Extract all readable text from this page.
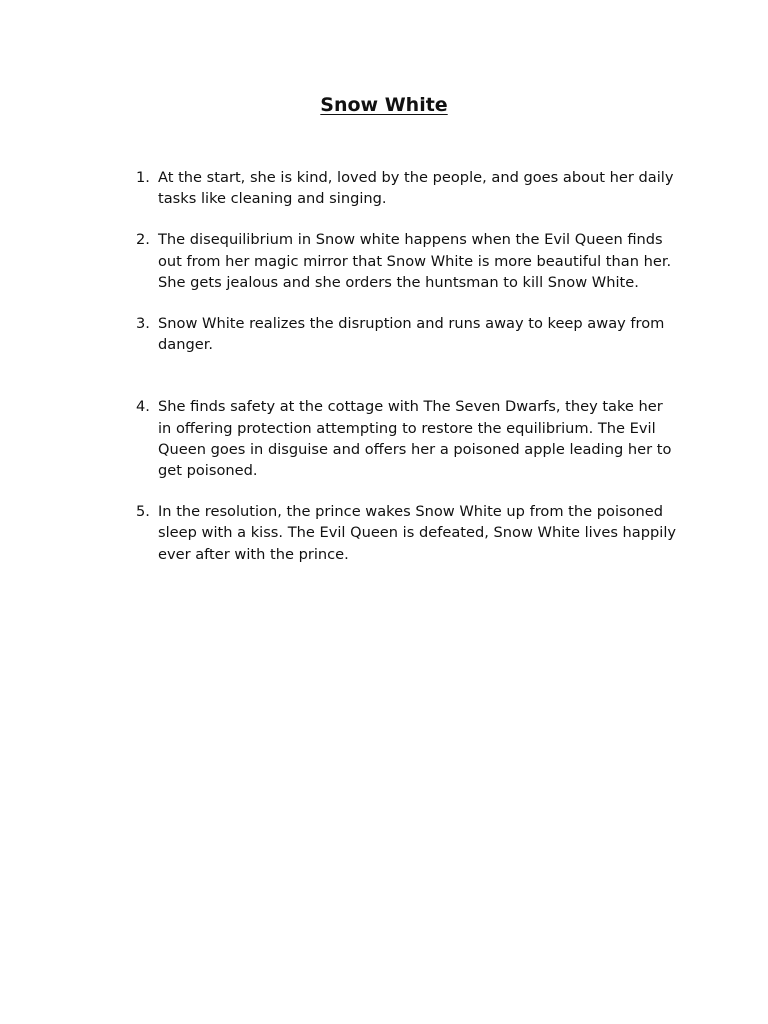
Snow White
1. At the start, she is kind, loved by the people, and goes about her daily tasks like cleaning and singing.
2. The disequilibrium in Snow white happens when the Evil Queen finds out from her magic mirror that Snow White is more beautiful than her. She gets jealous and she orders the huntsman to kill Snow White.
3. Snow White realizes the disruption and runs away to keep away from danger.
4. She finds safety at the cottage with The Seven Dwarfs, they take her in offering protection attempting to restore the equilibrium. The Evil Queen goes in disguise and offers her a poisoned apple leading her to get poisoned.
5. In the resolution, the prince wakes Snow White up from the poisoned sleep with a kiss. The Evil Queen is defeated, Snow White lives happily ever after with the prince.
